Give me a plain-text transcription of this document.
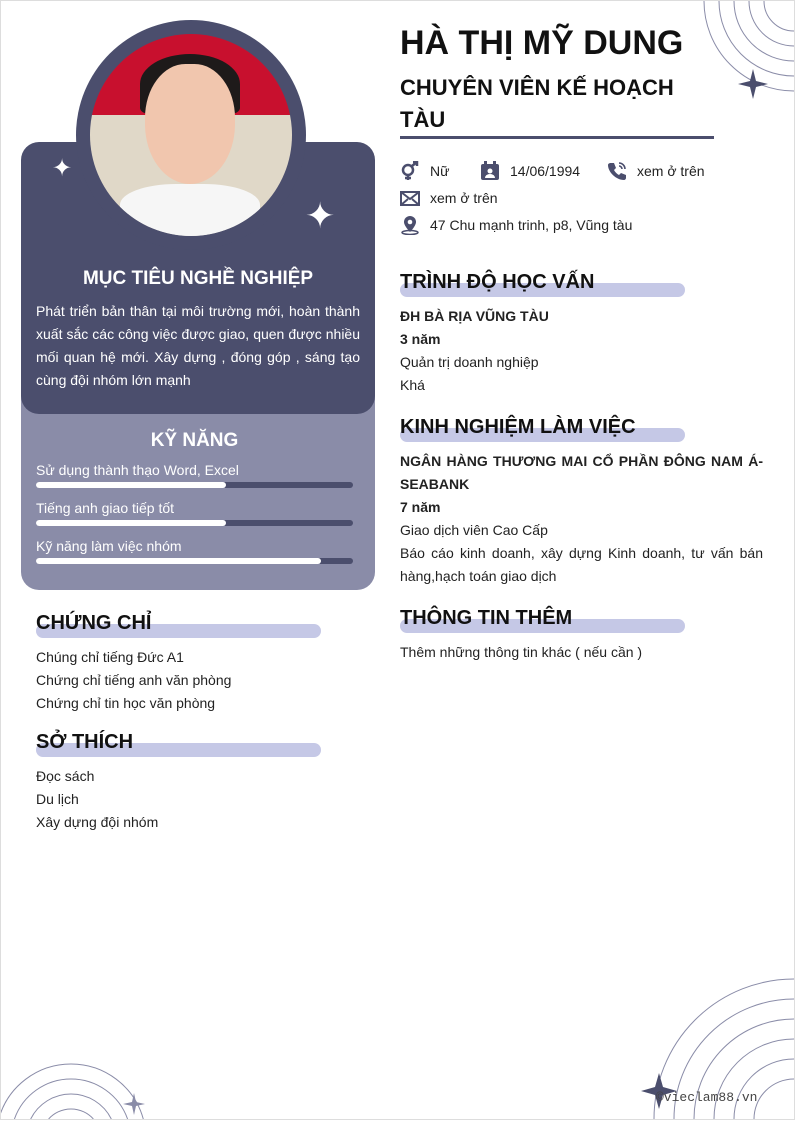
✦
✦
MỤC TIÊU NGHỀ NGHIỆP

Phát triển bản thân tại môi trường mới, hoàn thành xuất sắc các công việc được giao, quen được nhiều mối quan hệ mới. Xây dựng , đóng góp , sáng tạo cùng đội nhóm lớn mạnh

KỸ NĂNG
Sử dụng thành thạo Word, Excel
Tiếng anh giao tiếp tốt
Kỹ năng làm việc nhóm
CHỨNG CHỈ
Chúng chỉ tiếng Đức A1
Chứng chỉ tiếng anh văn phòng
Chứng chỉ tin học văn phòng
SỞ THÍCH
Đọc sách
Du lịch
Xây dựng đội nhóm
HÀ THỊ MỸ DUNG
CHUYÊN VIÊN KẾ HOẠCH TÀU
Nữ	14/06/1994	xem ở trên
xem ở trên
47 Chu mạnh trinh, p8, Vũng tàu
TRÌNH ĐỘ HỌC VẤN
ĐH BÀ RỊA VŨNG TÀU
3 năm
Quản trị doanh nghiệp
Khá
KINH NGHIỆM LÀM VIỆC
NGÂN HÀNG THƯƠNG MAI CỔ PHẦN ĐÔNG NAM Á- SEABANK
7 năm
Giao dịch viên Cao Cấp
Báo cáo kinh doanh, xây dựng Kinh doanh, tư vấn bán hàng,hạch toán giao dịch
THÔNG TIN THÊM
Thêm những thông tin khác ( nếu cần )
©vieclam88.vn
